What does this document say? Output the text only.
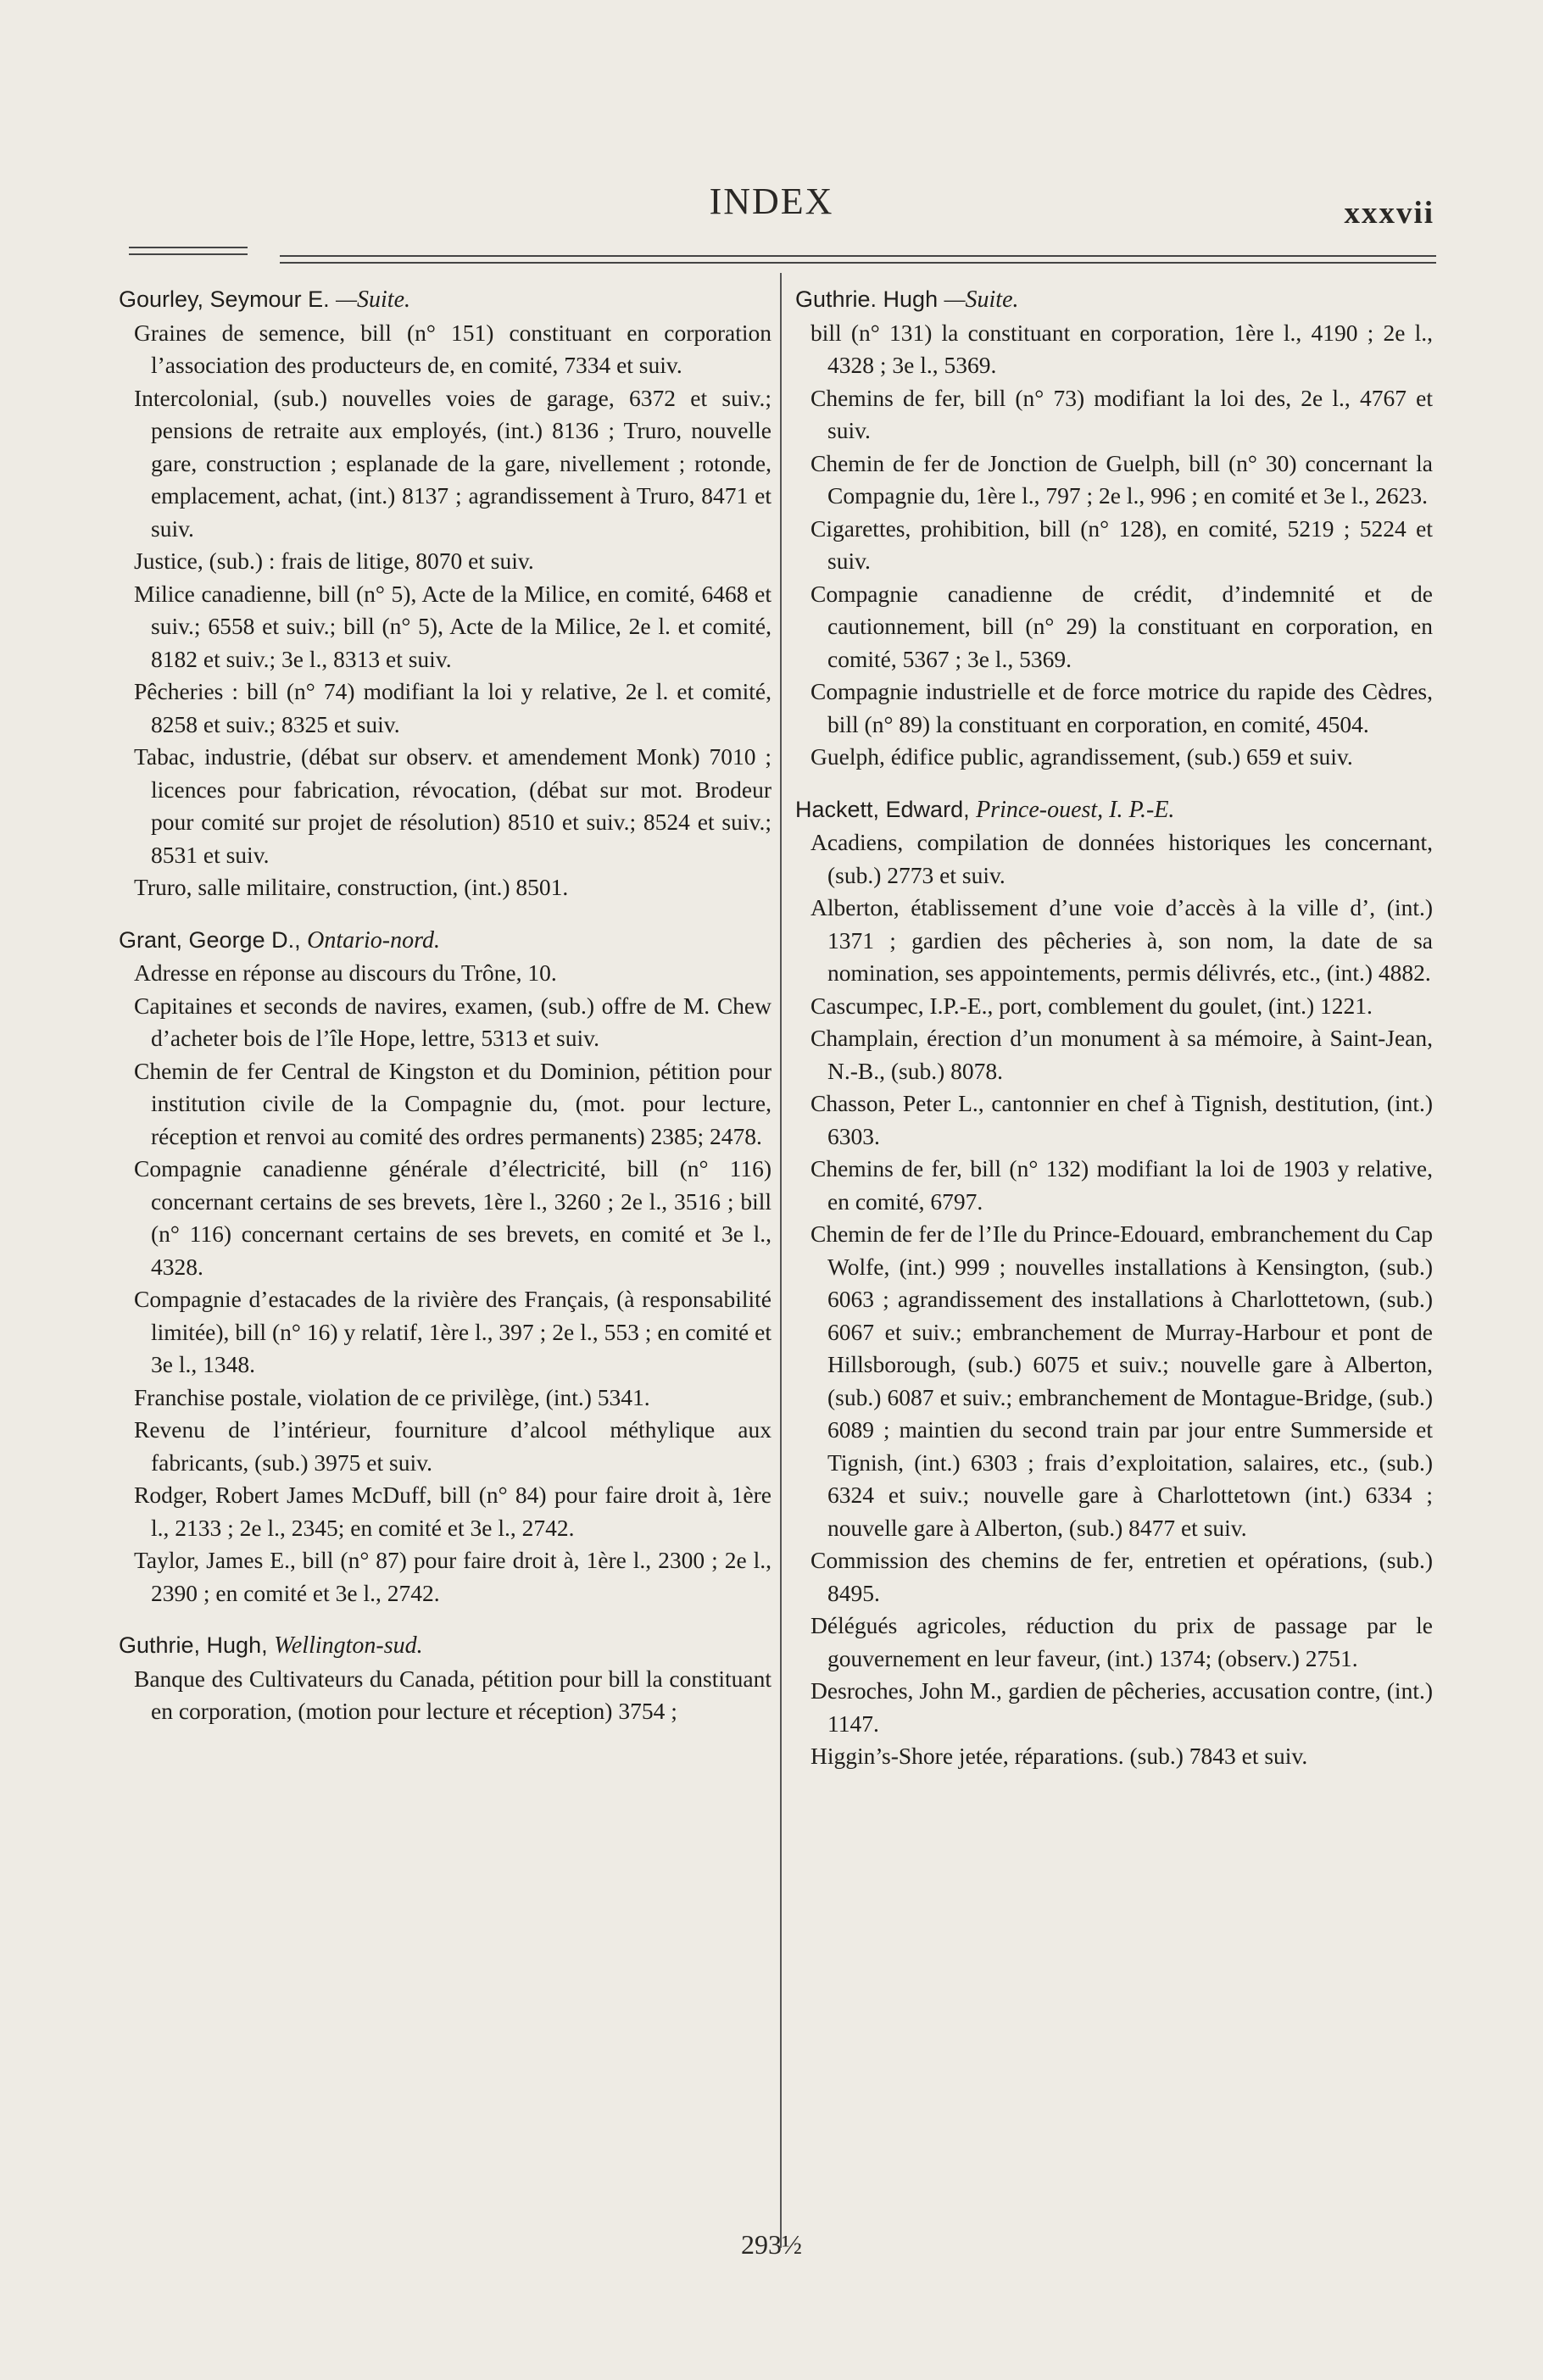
INDEX	xxxvii
Gourley, Seymour E. —Suite.
Graines de semence, bill (n° 151) constituant en corporation l’association des producteurs de, en comité, 7334 et suiv.
Intercolonial, (sub.) nouvelles voies de garage, 6372 et suiv.; pensions de retraite aux employés, (int.) 8136 ; Truro, nouvelle gare, construction ; esplanade de la gare, nivellement ; rotonde, emplacement, achat, (int.) 8137 ; agrandissement à Truro, 8471 et suiv.
Justice, (sub.) : frais de litige, 8070 et suiv.
Milice canadienne, bill (n° 5), Acte de la Milice, en comité, 6468 et suiv.; 6558 et suiv.; bill (n° 5), Acte de la Milice, 2e l. et comité, 8182 et suiv.; 3e l., 8313 et suiv.
Pêcheries : bill (n° 74) modifiant la loi y relative, 2e l. et comité, 8258 et suiv.; 8325 et suiv.
Tabac, industrie, (débat sur observ. et amendement Monk) 7010 ; licences pour fabrication, révocation, (débat sur mot. Brodeur pour comité sur projet de résolution) 8510 et suiv.; 8524 et suiv.; 8531 et suiv.
Truro, salle militaire, construction, (int.) 8501.
Grant, George D., Ontario-nord.
Adresse en réponse au discours du Trône, 10.
Capitaines et seconds de navires, examen, (sub.) offre de M. Chew d’acheter bois de l’île Hope, lettre, 5313 et suiv.
Chemin de fer Central de Kingston et du Dominion, pétition pour institution civile de la Compagnie du, (mot. pour lecture, réception et renvoi au comité des ordres permanents) 2385; 2478.
Compagnie canadienne générale d’électricité, bill (n° 116) concernant certains de ses brevets, 1ère l., 3260 ; 2e l., 3516 ; bill (n° 116) concernant certains de ses brevets, en comité et 3e l., 4328.
Compagnie d’estacades de la rivière des Français, (à responsabilité limitée), bill (n° 16) y relatif, 1ère l., 397 ; 2e l., 553 ; en comité et 3e l., 1348.
Franchise postale, violation de ce privilège, (int.) 5341.
Revenu de l’intérieur, fourniture d’alcool méthylique aux fabricants, (sub.) 3975 et suiv.
Rodger, Robert James McDuff, bill (n° 84) pour faire droit à, 1ère l., 2133 ; 2e l., 2345; en comité et 3e l., 2742.
Taylor, James E., bill (n° 87) pour faire droit à, 1ère l., 2300 ; 2e l., 2390 ; en comité et 3e l., 2742.
Guthrie, Hugh, Wellington-sud.
Banque des Cultivateurs du Canada, pétition pour bill la constituant en corporation, (motion pour lecture et réception) 3754 ;
Guthrie. Hugh —Suite.
bill (n° 131) la constituant en corporation, 1ère l., 4190 ; 2e l., 4328 ; 3e l., 5369.
Chemins de fer, bill (n° 73) modifiant la loi des, 2e l., 4767 et suiv.
Chemin de fer de Jonction de Guelph, bill (n° 30) concernant la Compagnie du, 1ère l., 797 ; 2e l., 996 ; en comité et 3e l., 2623.
Cigarettes, prohibition, bill (n° 128), en comité, 5219 ; 5224 et suiv.
Compagnie canadienne de crédit, d’indemnité et de cautionnement, bill (n° 29) la constituant en corporation, en comité, 5367 ; 3e l., 5369.
Compagnie industrielle et de force motrice du rapide des Cèdres, bill (n° 89) la constituant en corporation, en comité, 4504.
Guelph, édifice public, agrandissement, (sub.) 659 et suiv.
Hackett, Edward, Prince-ouest, I. P.-E.
Acadiens, compilation de données historiques les concernant, (sub.) 2773 et suiv.
Alberton, établissement d’une voie d’accès à la ville d’, (int.) 1371 ; gardien des pêcheries à, son nom, la date de sa nomination, ses appointements, permis délivrés, etc., (int.) 4882.
Cascumpec, I.P.-E., port, comblement du goulet, (int.) 1221.
Champlain, érection d’un monument à sa mémoire, à Saint-Jean, N.-B., (sub.) 8078.
Chasson, Peter L., cantonnier en chef à Tignish, destitution, (int.) 6303.
Chemins de fer, bill (n° 132) modifiant la loi de 1903 y relative, en comité, 6797.
Chemin de fer de l’Ile du Prince-Edouard, embranchement du Cap Wolfe, (int.) 999 ; nouvelles installations à Kensington, (sub.) 6063 ; agrandissement des installations à Charlottetown, (sub.) 6067 et suiv.; embranchement de Murray-Harbour et pont de Hillsborough, (sub.) 6075 et suiv.; nouvelle gare à Alberton, (sub.) 6087 et suiv.; embranchement de Montague-Bridge, (sub.) 6089 ; maintien du second train par jour entre Summerside et Tignish, (int.) 6303 ; frais d’exploitation, salaires, etc., (sub.) 6324 et suiv.; nouvelle gare à Charlottetown (int.) 6334 ; nouvelle gare à Alberton, (sub.) 8477 et suiv.
Commission des chemins de fer, entretien et opérations, (sub.) 8495.
Délégués agricoles, réduction du prix de passage par le gouvernement en leur faveur, (int.) 1374; (observ.) 2751.
Desroches, John M., gardien de pêcheries, accusation contre, (int.) 1147.
Higgin’s-Shore jetée, réparations. (sub.) 7843 et suiv.
293½
